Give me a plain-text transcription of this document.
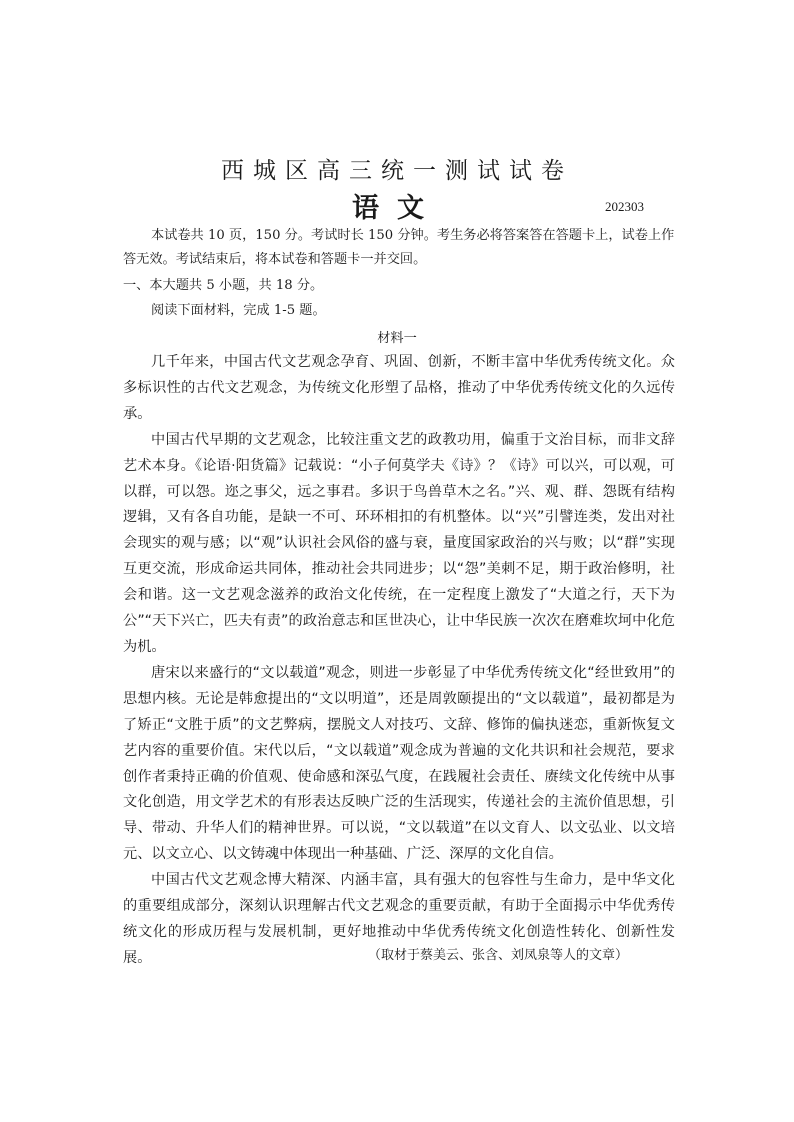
西城区高三统一测试试卷
语文	202303
本试卷共 10 页，150 分。考试时长 150 分钟。考生务必将答案答在答题卡上，试卷上作答无效。考试结束后，将本试卷和答题卡一并交回。
一、本大题共 5 小题，共 18 分。
阅读下面材料，完成 1-5 题。
材料一

几千年来，中国古代文艺观念孕育、巩固、创新，不断丰富中华优秀传统文化。众多标识性的古代文艺观念，为传统文化形塑了品格，推动了中华优秀传统文化的久远传承。

中国古代早期的文艺观念，比较注重文艺的政教功用，偏重于文治目标，而非文辞艺术本身。《论语·阳货篇》记载说：“小子何莫学夫《诗》？《诗》可以兴，可以观，可以群，可以怨。迩之事父，远之事君。多识于鸟兽草木之名。”兴、观、群、怨既有结构逻辑，又有各自功能，是缺一不可、环环相扣的有机整体。以“兴”引譬连类，发出对社会现实的观与感；以“观”认识社会风俗的盛与衰，量度国家政治的兴与败；以“群”实现互更交流，形成命运共同体，推动社会共同进步；以“怨”美刺不足，期于政治修明，社会和谐。这一文艺观念滋养的政治文化传统，在一定程度上激发了“大道之行，天下为公”“天下兴亡，匹夫有责”的政治意志和匡世决心，让中华民族一次次在磨难坎坷中化危为机。

唐宋以来盛行的“文以载道”观念，则进一步彰显了中华优秀传统文化“经世致用”的思想内核。无论是韩愈提出的“文以明道”，还是周敦颐提出的“文以载道”，最初都是为了矫正“文胜于质”的文艺弊病，摆脱文人对技巧、文辞、修饰的偏执迷恋，重新恢复文艺内容的重要价值。宋代以后，“文以载道”观念成为普遍的文化共识和社会规范，要求创作者秉持正确的价值观、使命感和深弘气度，在践履社会责任、赓续文化传统中从事文化创造，用文学艺术的有形表达反映广泛的生活现实，传递社会的主流价值思想，引导、带动、升华人们的精神世界。可以说，“文以载道”在以文育人、以文弘业、以文培元、以文立心、以文铸魂中体现出一种基础、广泛、深厚的文化自信。

中国古代文艺观念博大精深、内涵丰富，具有强大的包容性与生命力，是中华文化的重要组成部分，深刻认识理解古代文艺观念的重要贡献，有助于全面揭示中华优秀传统文化的形成历程与发展机制，更好地推动中华优秀传统文化创造性转化、创新性发展。	（取材于蔡美云、张含、刘凤泉等人的文章）
